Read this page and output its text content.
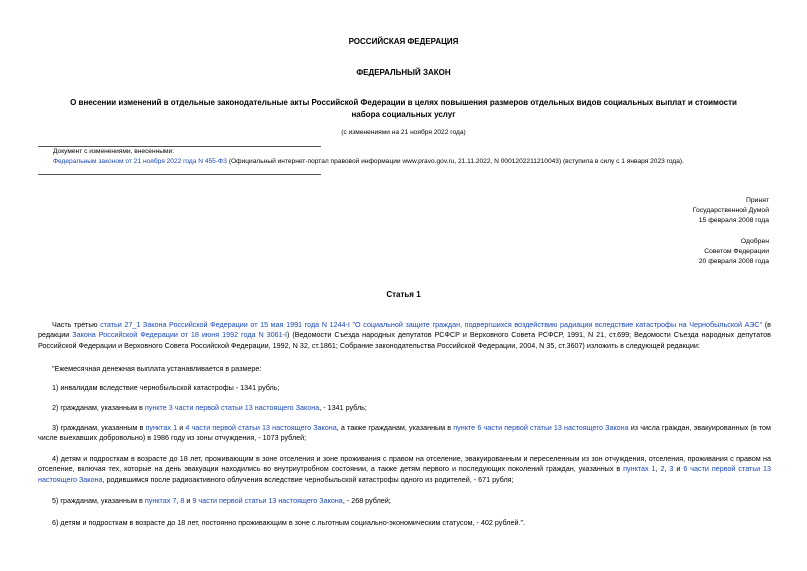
РОССИЙСКАЯ ФЕДЕРАЦИЯ
ФЕДЕРАЛЬНЫЙ ЗАКОН
О внесении изменений в отдельные законодательные акты Российской Федерации в целях повышения размеров отдельных видов социальных выплат и стоимости набора социальных услуг
(с изменениями на 21 ноября 2022 года)
Документ с изменениями, внесенными:
Федеральным законом от 21 ноября 2022 года N 455-ФЗ (Официальный интернет-портал правовой информации www.pravo.gov.ru, 21.11.2022, N 0001202211210043) (вступила в силу с 1 января 2023 года).
Принят
Государственной Думой
15 февраля 2008 года
Одобрен
Советом Федерации
20 февраля 2008 года
Статья 1
Часть третью статьи 27_1 Закона Российской Федерации от 15 мая 1991 года N 1244-I "О социальной защите граждан, подвергшихся воздействию радиации вследствие катастрофы на Чернобыльской АЭС" (в редакции Закона Российской Федерации от 18 июня 1992 года N 3061-I) (Ведомости Съезда народных депутатов РСФСР и Верховного Совета РСФСР, 1991, N 21, ст.699; Ведомости Съезда народных депутатов Российской Федерации и Верховного Совета Российской Федерации, 1992, N 32, ст.1861; Собрание законодательства Российской Федерации, 2004, N 35, ст.3607) изложить в следующей редакции:
"Ежемесячная денежная выплата устанавливается в размере:
1) инвалидам вследствие чернобыльской катастрофы - 1341 рубль;
2) гражданам, указанным в пункте 3 части первой статьи 13 настоящего Закона, - 1341 рубль;
3) гражданам, указанным в пунктах 1 и 4 части первой статьи 13 настоящего Закона, а также гражданам, указанным в пункте 6 части первой статьи 13 настоящего Закона из числа граждан, эвакуированных (в том числе выехавших добровольно) в 1986 году из зоны отчуждения, - 1073 рублей;
4) детям и подросткам в возрасте до 18 лет, проживающим в зоне отселения и зоне проживания с правом на отселение, эвакуированным и переселенным из зон отчуждения, отселения, проживания с правом на отселение, включая тех, которые на день эвакуации находились во внутриутробном состоянии, а также детям первого и последующих поколений граждан, указанных в пунктах 1, 2, 3 и 6 части первой статьи 13 настоящего Закона, родившимся после радиоактивного облучения вследствие чернобыльской катастрофы одного из родителей, - 671 рубля;
5) гражданам, указанным в пунктах 7, 8 и 9 части первой статьи 13 настоящего Закона, - 268 рублей;
6) детям и подросткам в возрасте до 18 лет, постоянно проживающим в зоне с льготным социально-экономическим статусом, - 402 рублей.".
